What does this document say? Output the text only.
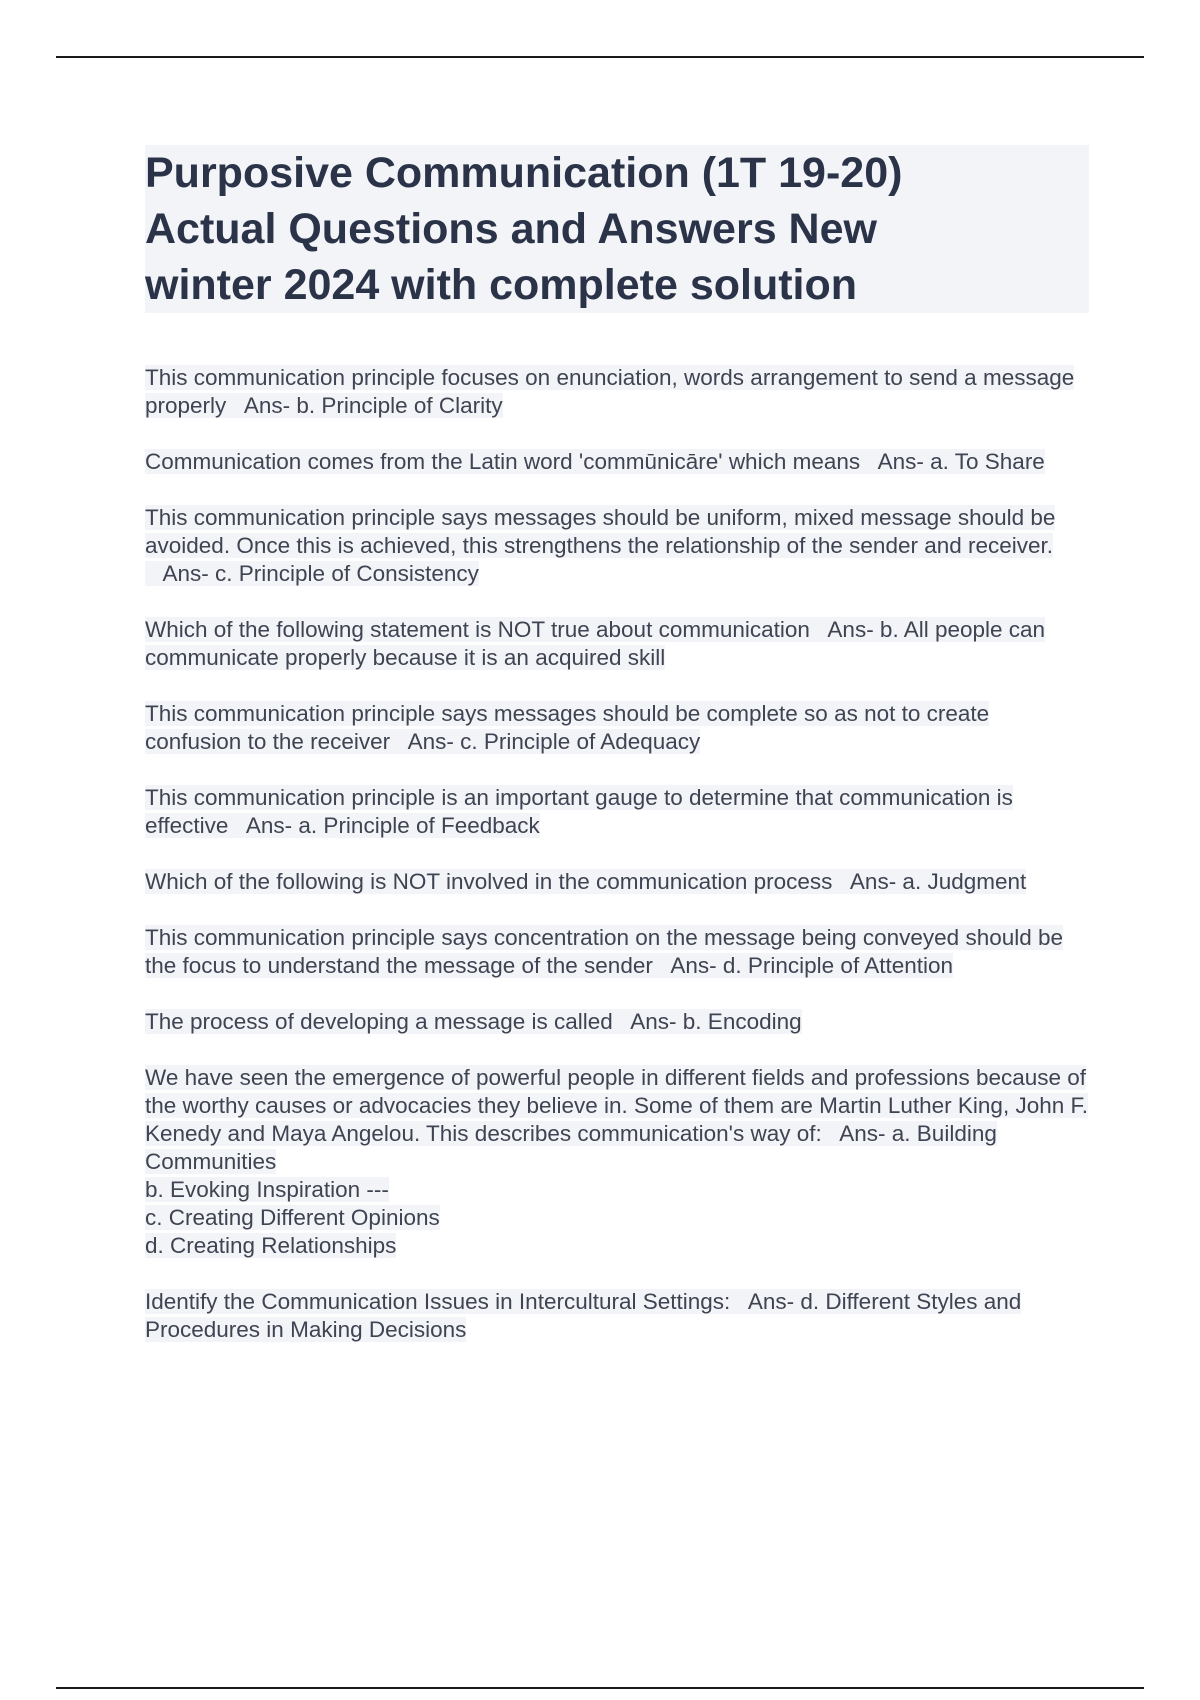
Purposive Communication (1T 19-20)
Actual Questions and Answers New
winter 2024 with complete solution

This communication principle focuses on enunciation, words arrangement to send a message properly Ans- b. Principle of Clarity

Communication comes from the Latin word 'commūnicāre' which means Ans- a. To Share

This communication principle says messages should be uniform, mixed message should be avoided. Once this is achieved, this strengthens the relationship of the sender and receiver.   Ans- c. Principle of Consistency

Which of the following statement is NOT true about communication Ans- b. All people can communicate properly because it is an acquired skill

This communication principle says messages should be complete so as not to create confusion to the receiver Ans- c. Principle of Adequacy

This communication principle is an important gauge to determine that communication is effective Ans- a. Principle of Feedback

Which of the following is NOT involved in the communication process Ans- a. Judgment

This communication principle says concentration on the message being conveyed should be the focus to understand the message of the sender Ans- d. Principle of Attention

The process of developing a message is called Ans- b. Encoding

We have seen the emergence of powerful people in different fields and professions because of the worthy causes or advocacies they believe in. Some of them are Martin Luther King, John F. Kenedy and Maya Angelou. This describes communication's way of: Ans- a. Building Communities
b. Evoking Inspiration ---
c. Creating Different Opinions
d. Creating Relationships

Identify the Communication Issues in Intercultural Settings: Ans- d. Different Styles and Procedures in Making Decisions
